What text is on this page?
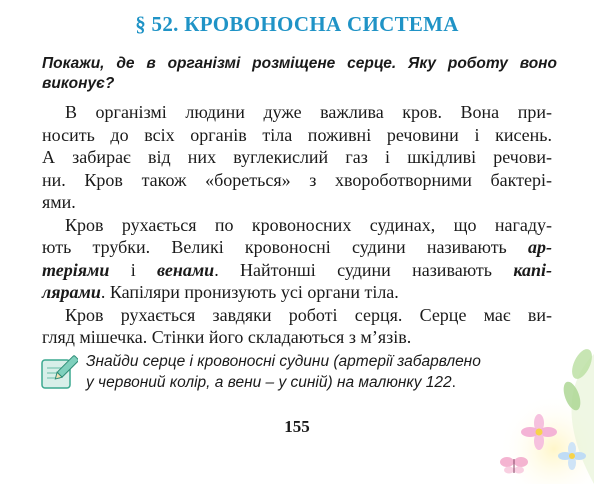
§ 52. КРОВОНОСНА СИСТЕМА
Покажи, де в організмі розміщене серце. Яку роботу воно виконує?
В організмі людини дуже важлива кров. Вона при-
носить до всіх органів тіла поживні речовини і кисень.
А забирає від них вуглекислий газ і шкідливі речови-
ни. Кров також «бореться» з хвороботворними бактері-
ями.
Кров рухається по кровоносних судинах, що нагаду-
ють трубки. Великі кровоносні судини називають ар-
теріями і венами. Найтонші судини називають капі-
лярами. Капіляри пронизують усі органи тіла.
Кров рухається завдяки роботі серця. Серце має ви-
гляд мішечка. Стінки його складаються з м’язів.
Знайди серце і кровоносні судини (артерії забарвлено
у червоний колір, а вени – у синій) на малюнку 122.
155
